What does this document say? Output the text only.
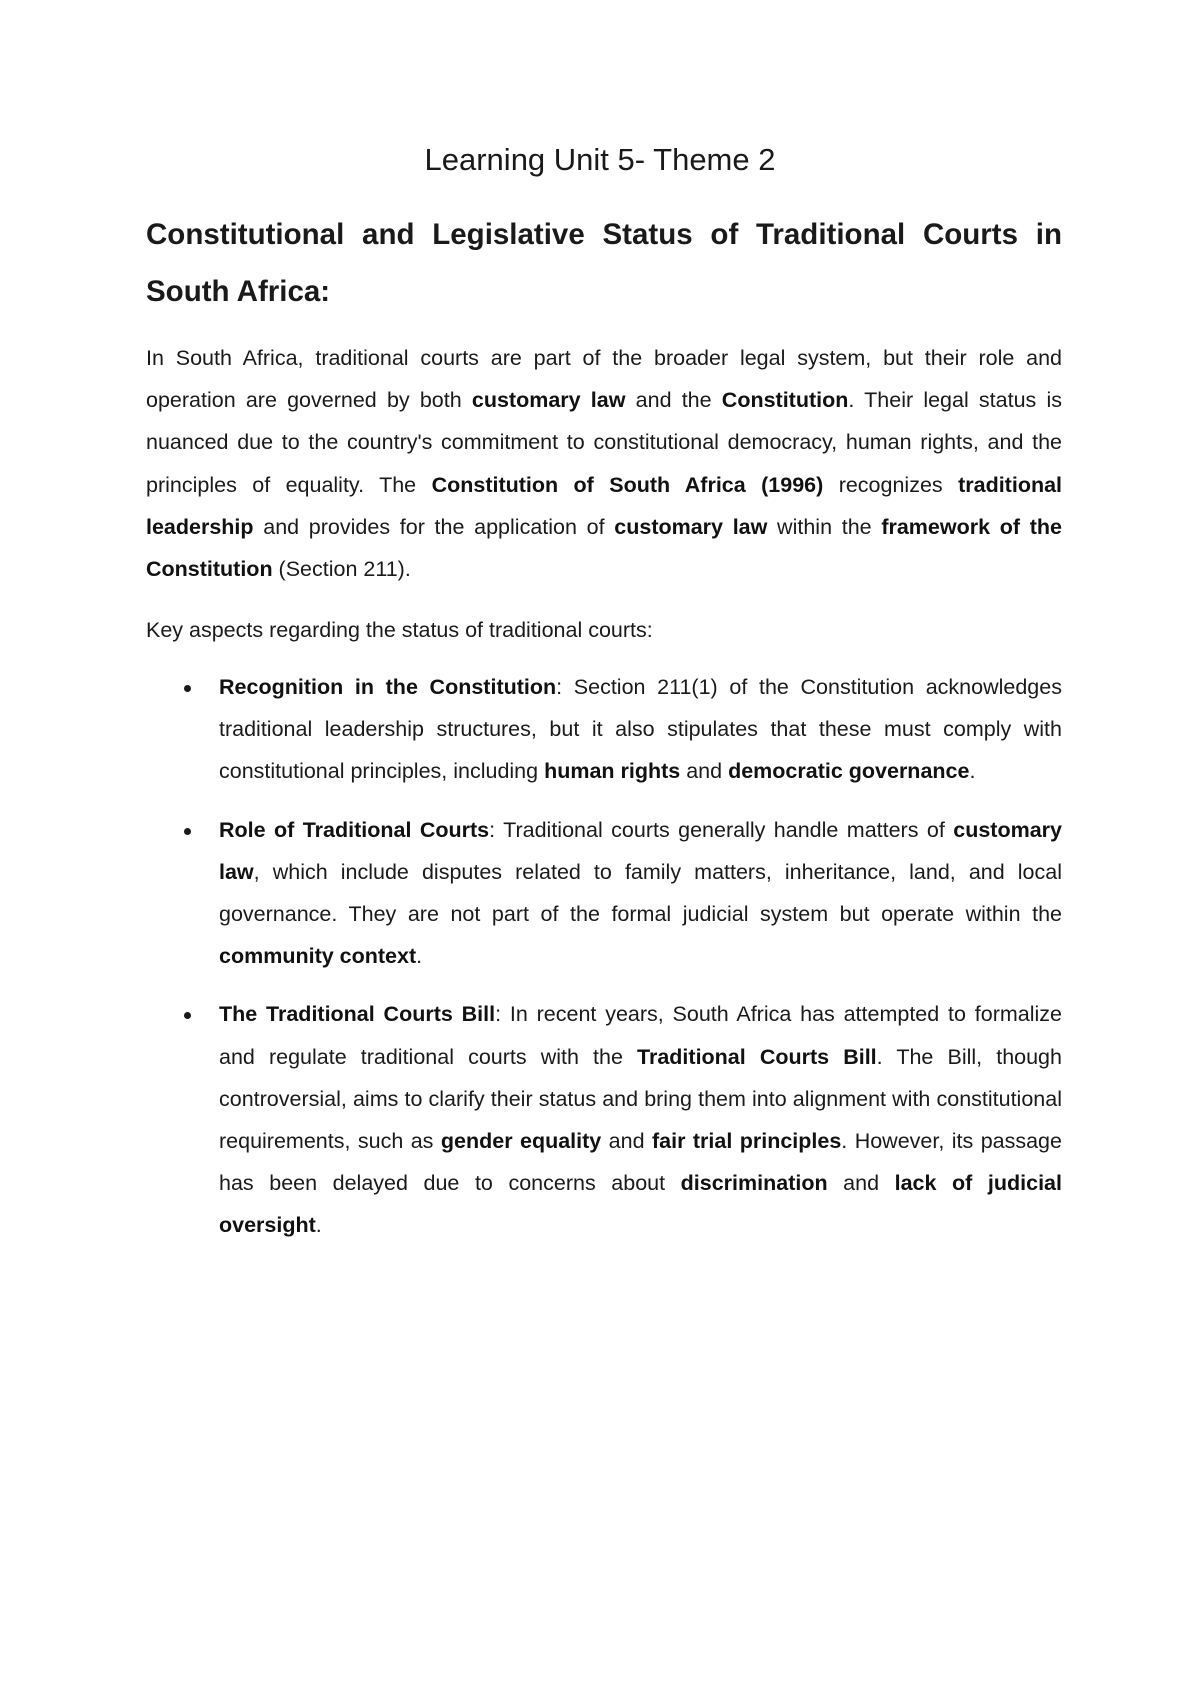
Learning Unit 5- Theme 2
Constitutional and Legislative Status of Traditional Courts in South Africa:

In South Africa, traditional courts are part of the broader legal system, but their role and operation are governed by both customary law and the Constitution. Their legal status is nuanced due to the country's commitment to constitutional democracy, human rights, and the principles of equality. The Constitution of South Africa (1996) recognizes traditional leadership and provides for the application of customary law within the framework of the Constitution (Section 211).

Key aspects regarding the status of traditional courts:

Recognition in the Constitution: Section 211(1) of the Constitution acknowledges traditional leadership structures, but it also stipulates that these must comply with constitutional principles, including human rights and democratic governance.
Role of Traditional Courts: Traditional courts generally handle matters of customary law, which include disputes related to family matters, inheritance, land, and local governance. They are not part of the formal judicial system but operate within the community context.
The Traditional Courts Bill: In recent years, South Africa has attempted to formalize and regulate traditional courts with the Traditional Courts Bill. The Bill, though controversial, aims to clarify their status and bring them into alignment with constitutional requirements, such as gender equality and fair trial principles. However, its passage has been delayed due to concerns about discrimination and lack of judicial oversight.
